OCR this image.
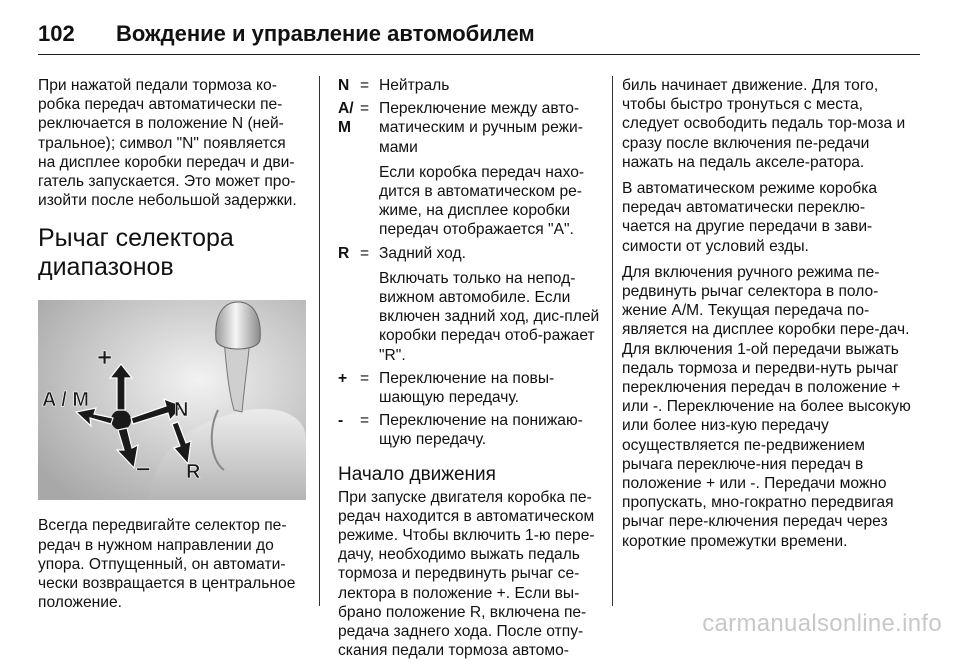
102 Вождение и управление автомобилем

При нажатой педали тормоза ко-робка передач автоматически пе-реключается в положение N (ней-тральное); символ "N" появляется на дисплее коробки передач и дви-гатель запускается. Это может про-изойти после небольшой задержки.

Рычаг селектора диапазонов
A / M
+
–
N
R

Всегда передвигайте селектор пе-редач в нужном направлении до упора. Отпущенный, он автомати-чески возвращается в центральное положение.

N = Нейтраль
A/M
= Переключение между авто-матическим и ручным режи-мами
Если коробка передач нахо-дится в автоматическом ре-жиме, на дисплее коробки передач отображается "A".
R = Задний ход.
Включать только на непод-вижном автомобиле. Если включен задний ход, дис-плей коробки передач отоб-ражает "R".
+ = Переключение на повы-шающую передачу.
-	= Переключение на понижаю-щую передачу.
Начало движения

При запуске двигателя коробка пе-редач находится в автоматическом режиме. Чтобы включить 1-ю пере-дачу, необходимо выжать педаль тормоза и передвинуть рычаг се-лектора в положение +. Если вы-брано положение R, включена пе-редача заднего хода. После отпу-скания педали тормоза автомо-

биль начинает движение. Для того, чтобы быстро тронуться с места, следует освободить педаль тор-моза и сразу после включения пе-редачи нажать на педаль акселе-ратора.

В автоматическом режиме коробка передач автоматически переклю-чается на другие передачи в зави-симости от условий езды.

Для включения ручного режима пе-редвинуть рычаг селектора в поло-жение A/M. Текущая передача по-является на дисплее коробки пере-дач. Для включения 1-ой передачи выжать педаль тормоза и передви-нуть рычаг переключения передач в положение + или -. Переключение на более высокую или более низ-кую передачу осуществляется пе-редвижением рычага переключе-ния передач в положение + или -. Передачи можно пропускать, мно-гократно передвигая рычаг пере-ключения передач через короткие промежутки времени.

carmanualsonline.info
